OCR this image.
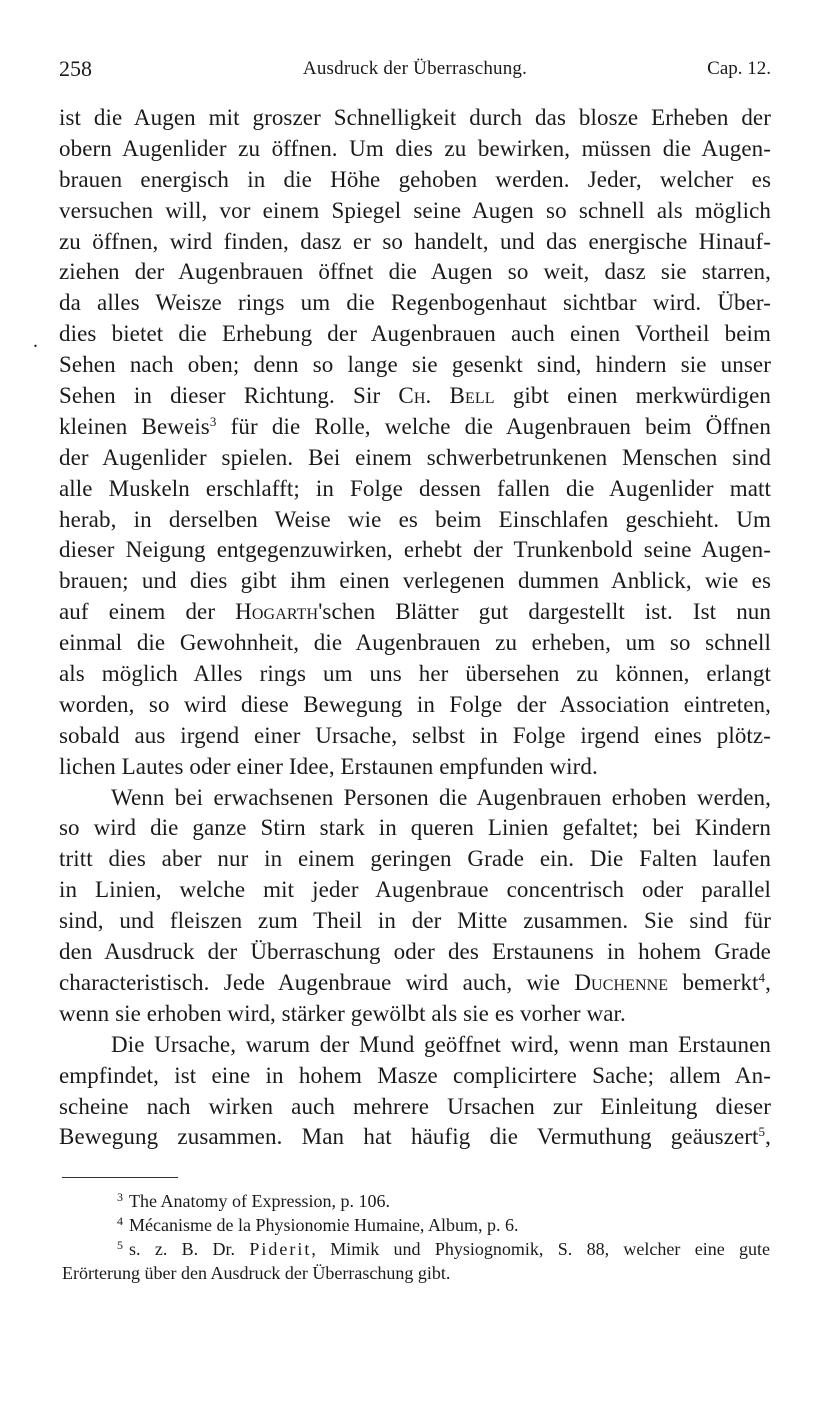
258	Ausdruck der Überraschung.	Cap. 12.
.
ist die Augen mit groszer Schnelligkeit durch das blosze Erheben der
obern Augenlider zu öffnen. Um dies zu bewirken, müssen die Augen-
brauen energisch in die Höhe gehoben werden. Jeder, welcher es
versuchen will, vor einem Spiegel seine Augen so schnell als möglich
zu öffnen, wird finden, dasz er so handelt, und das energische Hinauf-
ziehen der Augenbrauen öffnet die Augen so weit, dasz sie starren,
da alles Weisze rings um die Regenbogenhaut sichtbar wird. Über-
dies bietet die Erhebung der Augenbrauen auch einen Vortheil beim
Sehen nach oben; denn so lange sie gesenkt sind, hindern sie unser
Sehen in dieser Richtung. Sir Ch. Bell gibt einen merkwürdigen
kleinen Beweis$^3$ für die Rolle, welche die Augenbrauen beim Öffnen
der Augenlider spielen. Bei einem schwerbetrunkenen Menschen sind
alle Muskeln erschlafft; in Folge dessen fallen die Augenlider matt
herab, in derselben Weise wie es beim Einschlafen geschieht. Um
dieser Neigung entgegenzuwirken, erhebt der Trunkenbold seine Augen-
brauen; und dies gibt ihm einen verlegenen dummen Anblick, wie es
auf einem der Hogarth'schen Blätter gut dargestellt ist. Ist nun
einmal die Gewohnheit, die Augenbrauen zu erheben, um so schnell
als möglich Alles rings um uns her übersehen zu können, erlangt
worden, so wird diese Bewegung in Folge der Association eintreten,
sobald aus irgend einer Ursache, selbst in Folge irgend eines plötz-
lichen Lautes oder einer Idee, Erstaunen empfunden wird.
Wenn bei erwachsenen Personen die Augenbrauen erhoben werden,
so wird die ganze Stirn stark in queren Linien gefaltet; bei Kindern
tritt dies aber nur in einem geringen Grade ein. Die Falten laufen
in Linien, welche mit jeder Augenbraue concentrisch oder parallel
sind, und fleiszen zum Theil in der Mitte zusammen. Sie sind für
den Ausdruck der Überraschung oder des Erstaunens in hohem Grade
characteristisch. Jede Augenbraue wird auch, wie Duchenne bemerkt$^4$,
wenn sie erhoben wird, stärker gewölbt als sie es vorher war.
Die Ursache, warum der Mund geöffnet wird, wenn man Erstaunen
empfindet, ist eine in hohem Masze complicirtere Sache; allem An-
scheine nach wirken auch mehrere Ursachen zur Einleitung dieser
Bewegung zusammen. Man hat häufig die Vermuthung geäuszert$^5$,
$^3$ The Anatomy of Expression, p. 106.
$^4$ Mécanisme de la Physionomie Humaine, Album, p. 6.
$^5$ s. z. B. Dr. Piderit, Mimik und Physiognomik, S. 88, welcher eine gute
Erörterung über den Ausdruck der Überraschung gibt.
